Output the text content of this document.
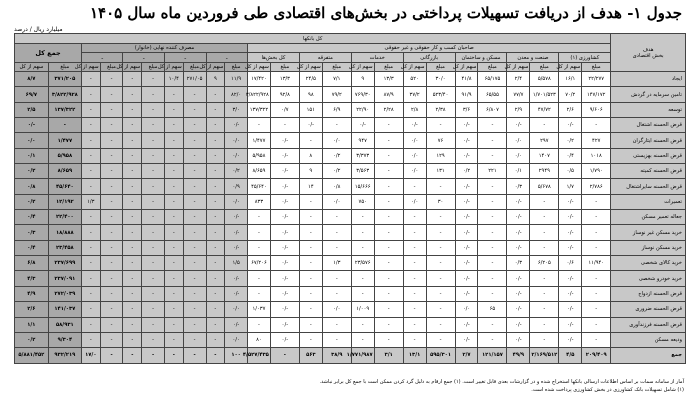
جدول ۱- هدف از دریافت تسهیلات پرداختی در بخش‌های اقتصادی طی فروردین ماه سال ۱۴۰۵
میلیارد ریال / درصد
هدف
بخش اقتصادی	کل بانکها																							
	صاحبان کسب و کار حقوقی و غیر حقوقی														مصرف کننده نهایی (خانوار)								جمع کل	
	کشاورزی (۱)		صنعت و معدن		مسکن و ساختمان		بازرگانی		خدمات		متفرقه		کل بخش‌ها		ـ		ـ		ـ		ـ			
	مبلغ	سهم از کل	مبلغ	سهم از کل	مبلغ	سهم از کل	مبلغ	سهم از کل	مبلغ	سهم از کل	مبلغ	سهم از کل	مبلغ	سهم از کل	مبلغ	سهم از کل	مبلغ	سهم از کل	مبلغ	سهم از کل	مبلغ	سهم از کل	مبلغ	سهم از کل
ایجاد	۲۲/۲۷۷	۱۶/۱	۵/۵۷۸	۲/۴	۶۵/۱۷۵	۴۱/۸	۳۰/۰	۵۲۰	۱۳/۳	۹	۷/۱	۲۴/۵	۱۳/۳	۱۷/۴۲۰	۱۱/۹	۹	۲۷۱/۰۵	۱۰/۴	-	-	-	-	۳۷۱/۲۰۵	۸/۷
تامین سرمایه در گردش	۱۴۷/۱۷۲	۷۰/۲	۱/۷۰۱/۵۲۳	۷۷/۷	۶۵/۵۵	۹۱/۹	۵۲۳/۴۰	۳۷/۲	۸۷/۹	۷۶۹/۳۰	۷۹/۲	۹۸	۹۲/۸	۳/۸۲۲/۹۲۸	۸۲/۰	-	-	-	-	-	-	-	۳/۸۲۲/۹۲۸	۶۹/۷
توسعه	۹/۶۰۶	۲/۶	۴۷/۷۲	۲/۹	۶/۸۰۷	۳/۶	۲/۳۸	۲/۸	۲/۲۸	۲۲/۹۰	۶/۹	۱۵۱	۰/۷	۱۳۷/۳۲۲	۳/۰	-	-	-	-	-	-	-	۱۳۷/۳۲۲	۲/۵
قرض الحسنه اشتغال	-	-/۰	-	-/۰	-	-/۰	-	-/۰	-	-/۰	-	-/۰	-	-	-/۰	-	-	-	-	-	-	-	-	-/۰
قرض الحسنه ایثارگران	۴۲۷	۰/۲	۲۹۷	۰/۰	-	-/۰	۷۶	۰/۰	-	۹۴۷	۰/۰	-	-/۰	۱/۴۷۷	۰/۰	-	-	-	-	-	-	-	۱/۴۷۷	۰/۰
قرض الحسنه بهزیستی	۱۰۱۸	۰/۴	۱۴۰۷	۰/۰	-	-/۰	۱۲۹	۰/۰	-	۳/۳۷۳	۰/۲	۸	-/۰	۵/۹۵۸	۰/۰	-	-	-	-	-	-	-	۵/۹۵۸	۰/۱
قرض الحسنه کمیته	۱/۷۹۰	۰/۵	۲۹۴۹	۰/۱	۲۲۱	۰/۲	۱۳۱	۰/۰	-	۳/۵۶۳	۰/۲	۹	-/۰	۸/۶۵۹	۰/۲	-	-	-	-	-	-	-	۸/۶۵۹	۰/۲
قرض الحسنه سایراشتغال	۲/۷۸۶	۱/۷	۵/۶۷۸	۰/۳	-	-/۰	-	-	-	۱۵/۶۶۶	۰/۸	۱۴	-/۰	۴۵/۶۴۰	۰/۹	-	-	-	-	-	-	-	۴۵/۶۴۰	۰/۸
تعمیرات	-	-/۰	-	-/۰	-	-/۰	۳۰	۰/۰	-	۷۵۰	۰/۰	-	-/۰	۸۳۳	۰/۰	-	-	-	-	-	-	۱/۳	۱۲/۱۹۲	۰/۲
جعاله تعمیر مسکن	-	-/۰	-	-/۰	-	-/۰	-	-	-	-	-	-	-/۰	-	-/۰	-	-	-	-	-	-	-	۲۲/۴۰۰	۰/۴
خرید مسکن غیر نوساز	-	-/۰	-	-/۰	-	-/۰	-	-	-	-	-	-	-/۰	-	-/۰	-	-	-	-	-	-	-	۱۸/۸۸۸	۰/۳
خرید مسکن نوساز	-	-/۰	-	-/۰	-	-/۰	-	-	-	-	-	-	-/۰	-	-/۰	-	-	-	-	-	-	-	۲۳/۴۵۸	۰/۴
خرید کالای شخصی	۱۱/۹۴۰	۰/۶	۶/۲۰۵	۰/۳	-	-/۰	-	-	-	۲۳/۵۷۶	۱/۳	-	-/۰	۶۷/۲۰۶	۱/۵	-	-	-	-	-	-	-	۲۳۷/۶۹۹	۶/۸
خرید خودرو شخصی	-	-/۰	-	-/۰	-	-/۰	-	-	-	-	-	-	-/۰	-	-/۰	-	-	-	-	-	-	-	۲۳۷/۰۹۱	۴/۳
قرض الحسنه ازدواج	-	-/۰	-	-/۰	-	-/۰	-	-	-	-	-	-	-/۰	-	-/۰	-	-	-	-	-	-	-	۲۷۲/۰۳۹	۴/۹
قرض الحسنه ضروری	-	-/۰	-	-/۰	۶۵	۰/۰	-	-	-	۱/۰۰۹	۰/۰	-	-/۰	۱/۰۳۷	۰/۰	-	-	-	-	-	-	-	۱۴۱/۰۳۷	۲/۶
قرض الحسنه فرزندآوری	-	-/۰	-	-/۰	-	-/۰	-	-	-	-	-	-	-/۰	-	-/۰	-	-	-	-	-	-	-	۵۸/۹۳۱	۱/۱
ودیعه مسکن	-	-/۰	-	-/۰	-	-/۰	-	-	-	-	-	-	-/۰	۸۰	۰/۰	-	-	-	-	-	-	-	۹/۳۰۴	۰/۲
جمع	۲۰۹/۴۰۹	۴/۵	۲/۱۶۹/۵۱۲	۴۹/۹	۱۲۱/۱۵۷	۲/۷	۵۹۵/۳۰۱	۱۳/۱	۳/۱	۱/۷۷۱/۹۸۷	۳۸/۹	۵۶۳	-	۴/۵۲۷/۴۳۵	۱۰۰	-	-	-	-	-	-	۱۷/۰	۹۳۲/۲۱۹	۵/۸۸۱/۴۵۲
آمار از سامانه سمات بر اساس اطلاعات ارسالی بانکها استخراج شده و در گزارشات بعدی قابل تغییر است. (۱) جمع ارقام به دلیل گرد کردن ممکن است با جمع کل برابر نباشد.
(۱) شامل تسهیلات بانک کشاورزی در بخش کشاورزی پرداخت شده است.
